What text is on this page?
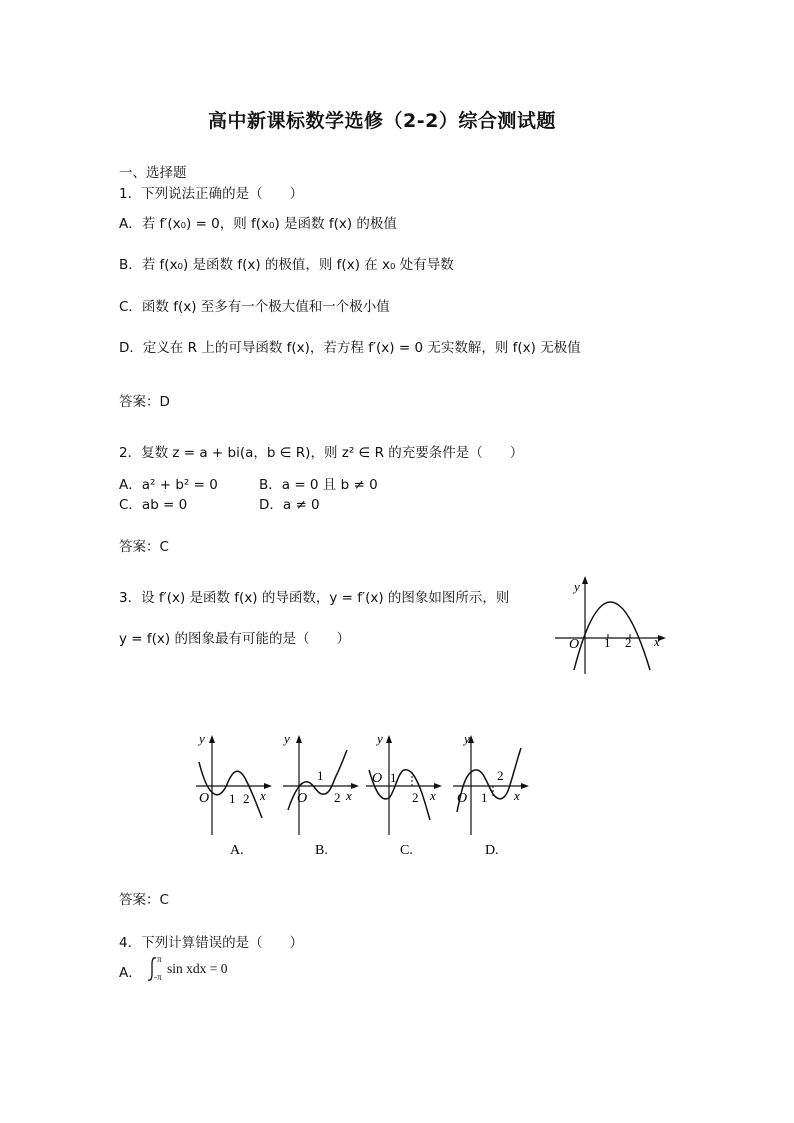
高中新课标数学选修（2-2）综合测试题
一、选择题
1．下列说法正确的是（　　）
A．若 f′(x₀) = 0，则 f(x₀) 是函数 f(x) 的极值
B．若 f(x₀) 是函数 f(x) 的极值，则 f(x) 在 x₀ 处有导数
C．函数 f(x) 至多有一个极大值和一个极小值
D．定义在 R 上的可导函数 f(x)，若方程 f′(x) = 0 无实数解，则 f(x) 无极值
答案：D
2．复数 z = a + bi(a，b ∈ R)，则 z² ∈ R 的充要条件是（　　）
A．a² + b² = 0	B．a = 0 且 b ≠ 0
C．ab = 0	D．a ≠ 0
答案：C
3．设 f′(x) 是函数 f(x) 的导函数，y = f′(x) 的图象如图所示，则
y = f(x) 的图象最有可能的是（　　）
y
O 1 2 x
y
O 1 2 x
A.
y
O
1
2 x
B.
y
O 1
2 x
C.
y
O 1
2
x
D.
答案：C
4．下列计算错误的是（　　）
A．
π
-π
sin xdx = 0
